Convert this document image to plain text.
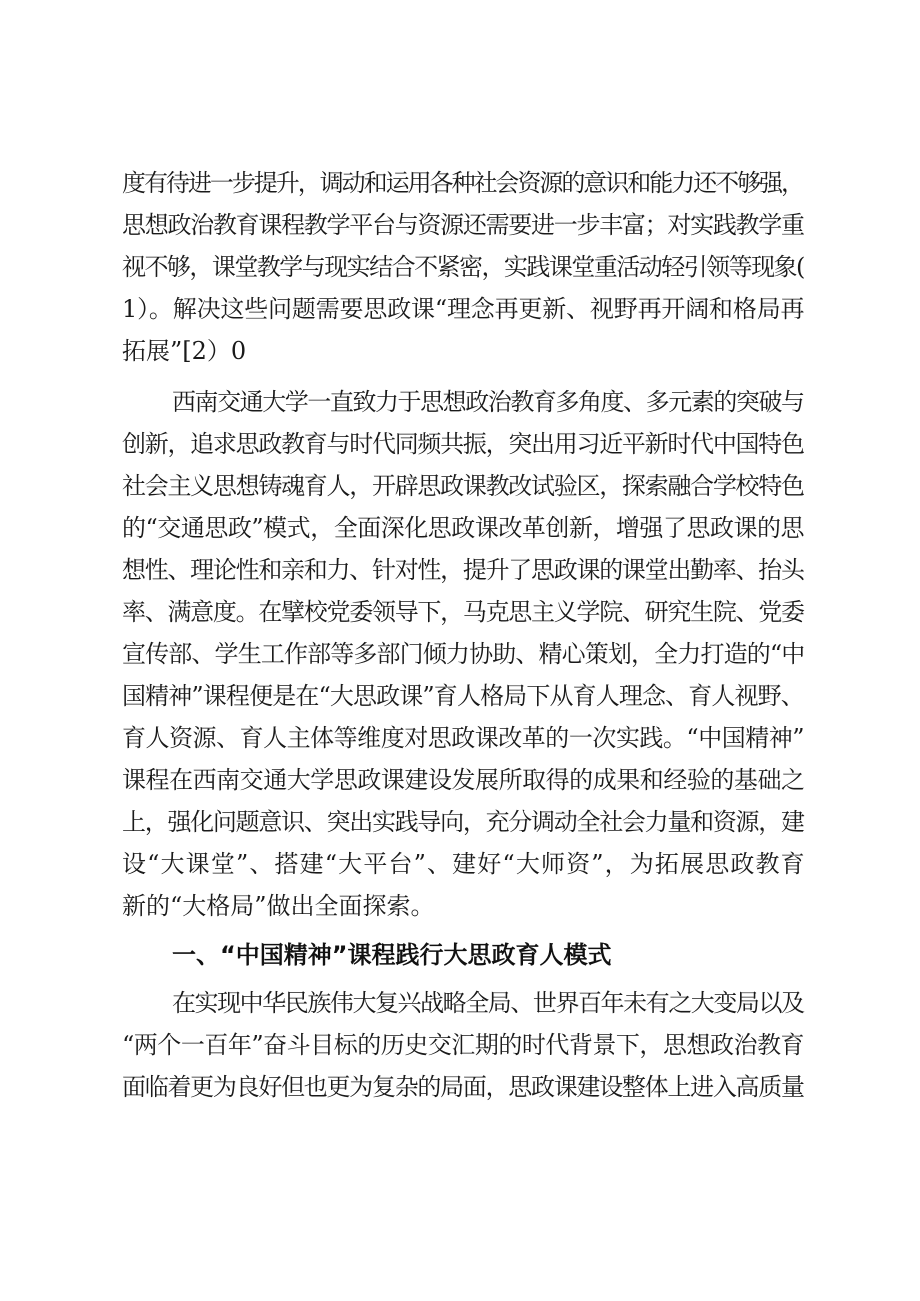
度有待进一步提升，调动和运用各种社会资源的意识和能力还不够强，
思想政治教育课程教学平台与资源还需要进一步丰富；对实践教学重
视不够，课堂教学与现实结合不紧密，实践课堂重活动轻引领等现象(
1）。解决这些问题需要思政课“理念再更新、视野再开阔和格局再
拓展”[2）0
西南交通大学一直致力于思想政治教育多角度、多元素的突破与
创新，追求思政教育与时代同频共振，突出用习近平新时代中国特色
社会主义思想铸魂育人，开辟思政课教改试验区，探索融合学校特色
的“交通思政”模式，全面深化思政课改革创新，增强了思政课的思
想性、理论性和亲和力、针对性，提升了思政课的课堂出勤率、抬头
率、满意度。在擘校党委领导下，马克思主义学院、研究生院、党委
宣传部、学生工作部等多部门倾力协助、精心策划，全力打造的“中
国精神”课程便是在“大思政课”育人格局下从育人理念、育人视野、
育人资源、育人主体等维度对思政课改革的一次实践。“中国精神”
课程在西南交通大学思政课建设发展所取得的成果和经验的基础之
上，强化问题意识、突出实践导向，充分调动全社会力量和资源，建
设“大课堂”、搭建“大平台”、建好“大师资”，为拓展思政教育
新的“大格局”做出全面探索。
一、“中国精神”课程践行大思政育人模式
在实现中华民族伟大复兴战略全局、世界百年未有之大变局以及
“两个一百年”奋斗目标的历史交汇期的时代背景下，思想政治教育
面临着更为良好但也更为复杂的局面，思政课建设整体上进入高质量
